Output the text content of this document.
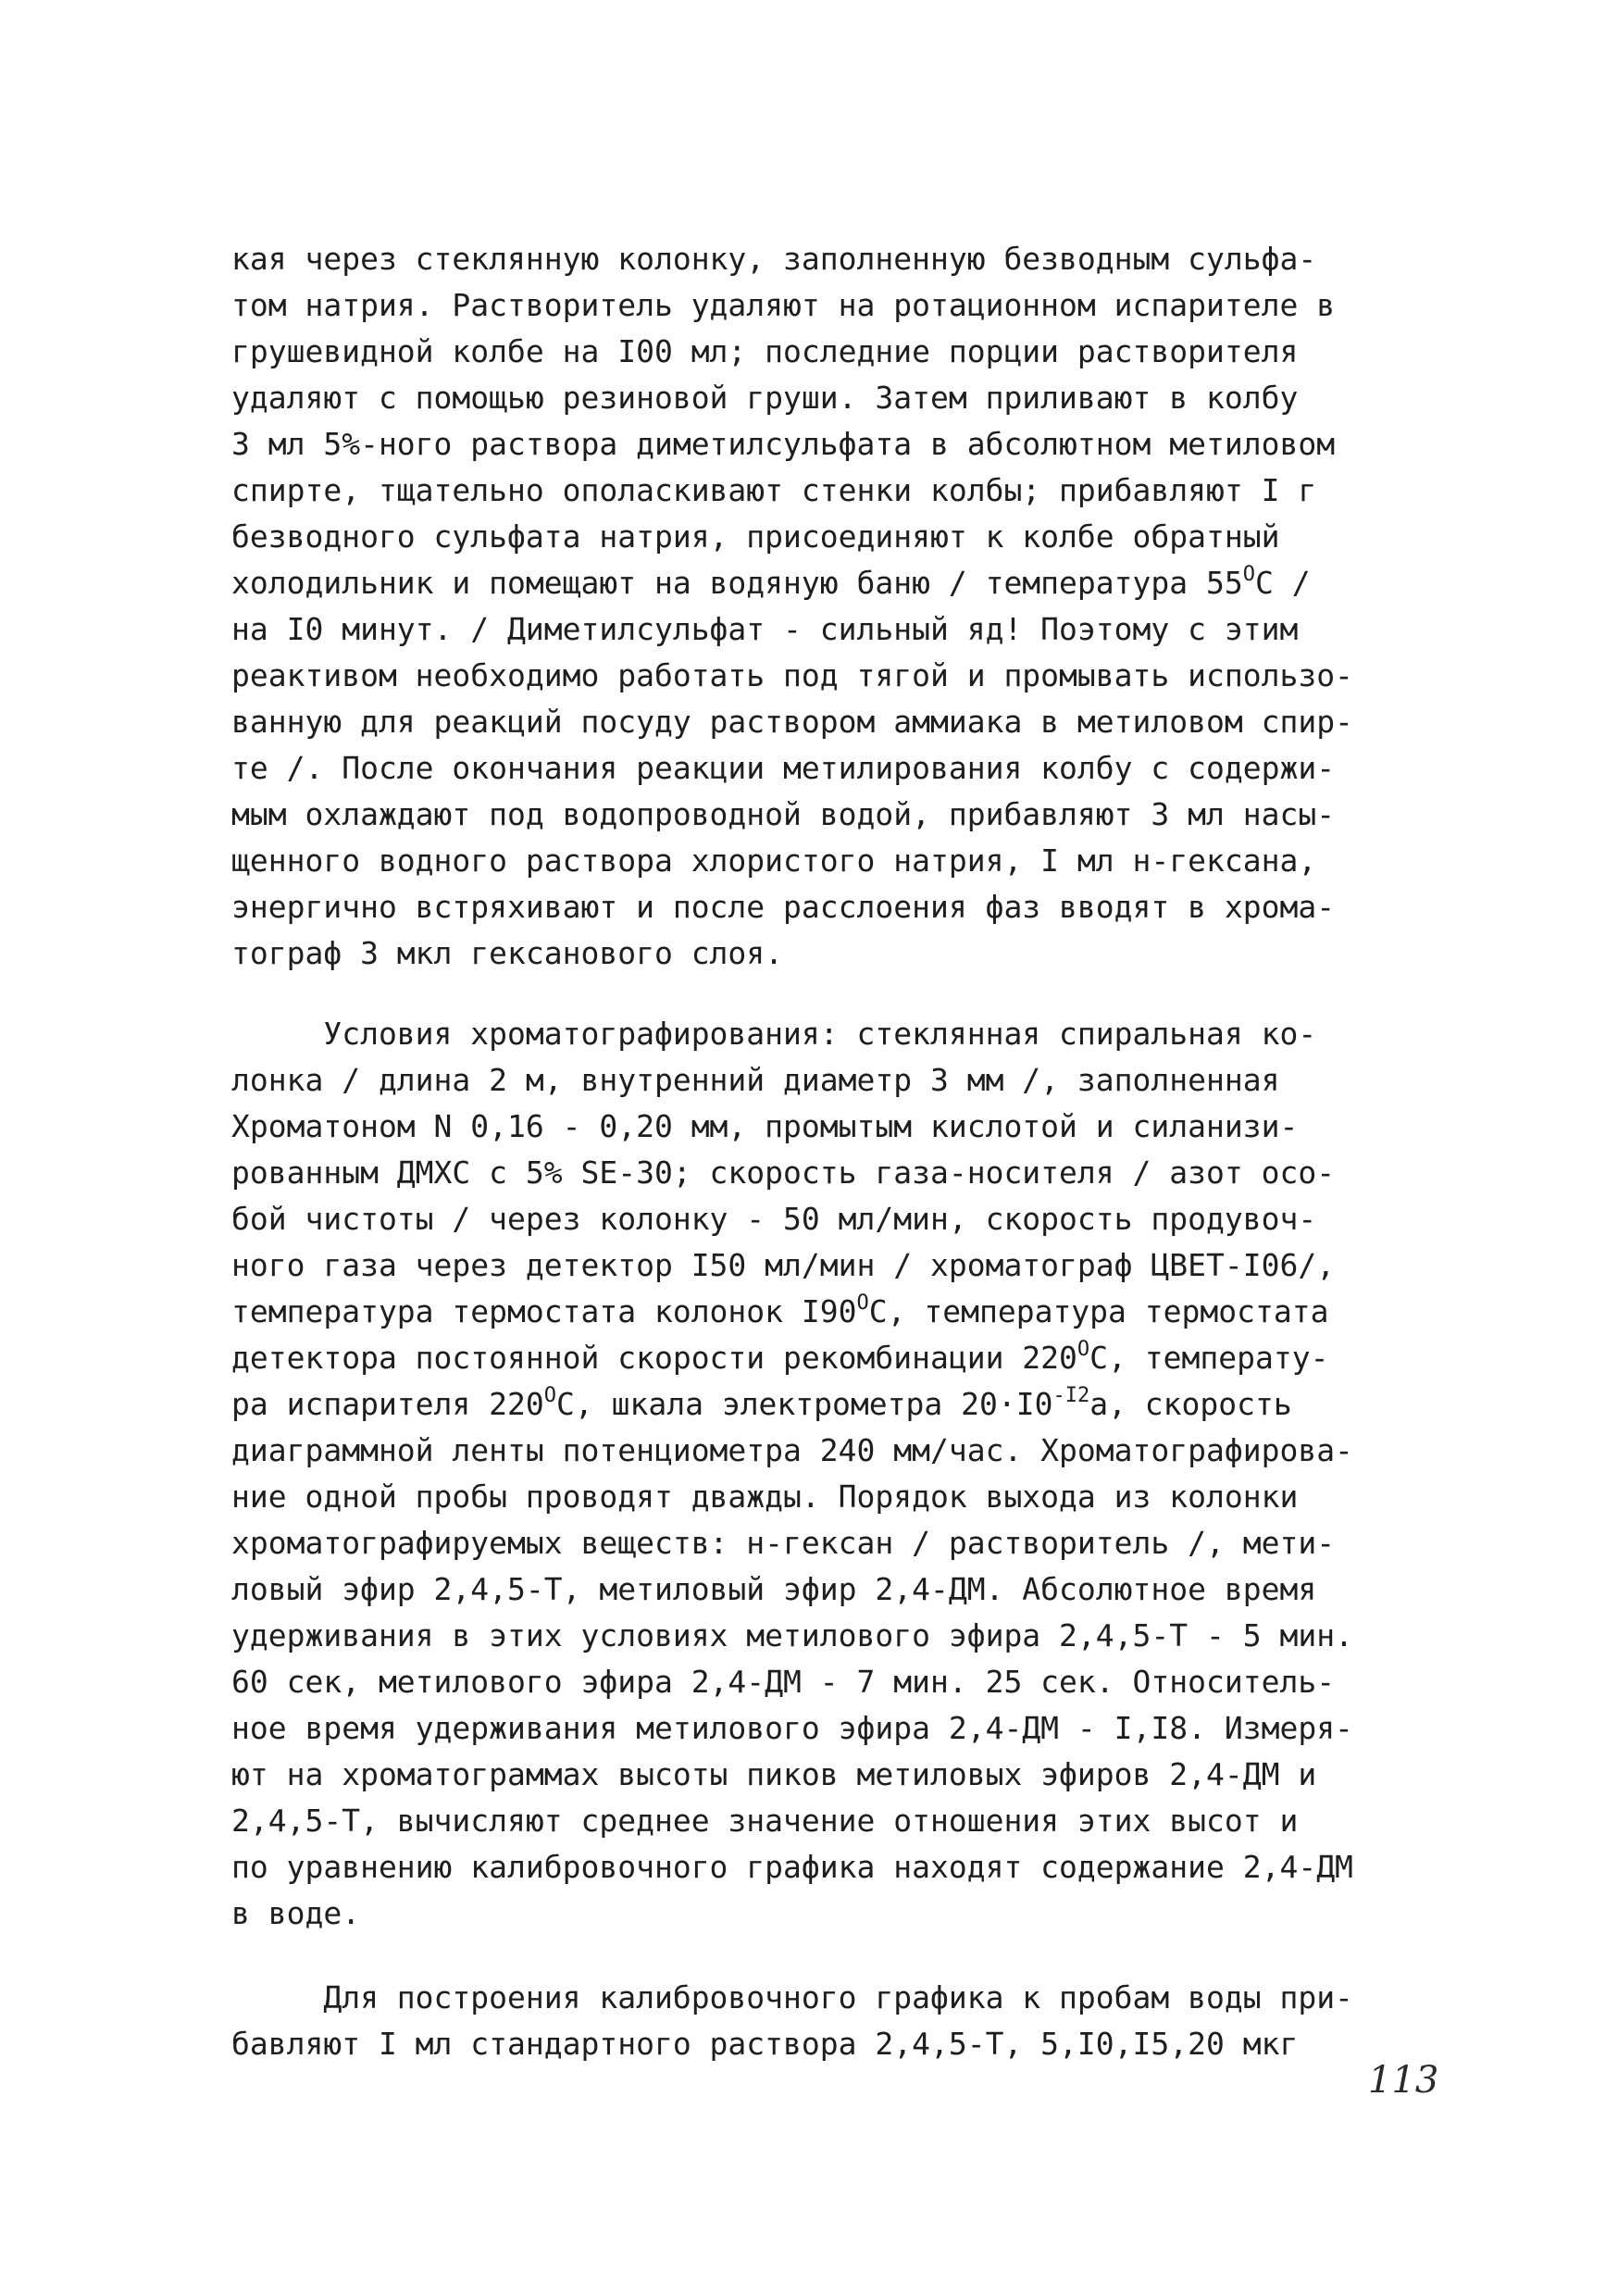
кая через стеклянную колонку, заполненную безводным сульфа-
том натрия. Растворитель удаляют на ротационном испарителе в
грушевидной колбе на I00 мл; последние порции растворителя
удаляют с помощью резиновой груши. Затем приливают в колбу
3 мл 5%-ного раствора диметилсульфата в абсолютном метиловом
спирте, тщательно ополаскивают стенки колбы; прибавляют I г
безводного сульфата натрия, присоединяют к колбе обратный
холодильник и помещают на водяную баню / температура $55^OC$ /
на I0 минут. / Диметилсульфат - сильный яд! Поэтому с этим
реактивом необходимо работать под тягой и промывать использо-
ванную для реакций посуду раствором аммиака в метиловом спир-
те /. После окончания реакции метилирования колбу с содержи-
мым охлаждают под водопроводной водой, прибавляют 3 мл насы-
щенного водного раствора хлористого натрия, I мл н-гексана,
энергично встряхивают и после расслоения фаз вводят в хрома-
тограф 3 мкл гексанового слоя.
Условия хроматографирования: стеклянная спиральная ко-
лонка / длина 2 м, внутренний диаметр 3 мм /, заполненная
Хроматоном N 0,16 - 0,20 мм, промытым кислотой и силанизи-
рованным ДМХС с 5% SE-30; скорость газа-носителя / азот осо-
бой чистоты / через колонку - 50 мл/мин, скорость продувоч-
ного газа через детектор I50 мл/мин / хроматограф ЦВЕТ-I06/,
температура термостата колонок $I90^OC$, температура термостата
детектора постоянной скорости рекомбинации $220^OC$, температу-
ра испарителя $220^OC$, шкала электрометра $20\cdot I0^{-I2}a$, скорость
диаграммной ленты потенциометра 240 мм/час. Хроматографирова-
ние одной пробы проводят дважды. Порядок выхода из колонки
хроматографируемых веществ: н-гексан / растворитель /, мети-
ловый эфир 2,4,5-Т, метиловый эфир 2,4-ДМ. Абсолютное время
удерживания в этих условиях метилового эфира 2,4,5-Т - 5 мин.
60 сек, метилового эфира 2,4-ДМ - 7 мин. 25 сек. Относитель-
ное время удерживания метилового эфира 2,4-ДМ - I,I8. Измеря-
ют на хроматограммах высоты пиков метиловых эфиров 2,4-ДМ и
2,4,5-Т, вычисляют среднее значение отношения этих высот и
по уравнению калибровочного графика находят содержание 2,4-ДМ
в воде.
Для построения калибровочного графика к пробам воды при-
бавляют I мл стандартного раствора 2,4,5-Т, 5,I0,I5,20 мкг
113
